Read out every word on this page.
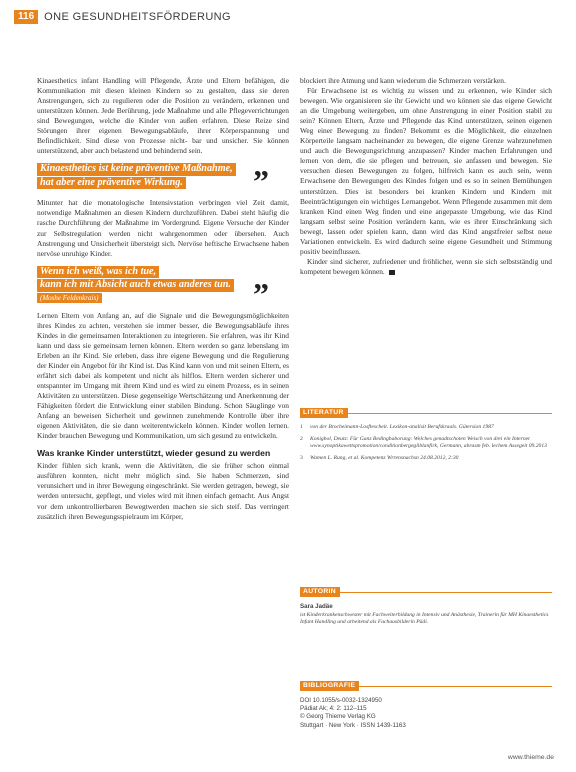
116 ONE GESUNDHEITSFÖRDERUNG

Kinaesthetics infant Handling will Pflegende, Ärzte und Eltern befähigen, die Kommunikation mit diesen kleinen Kindern so zu gestalten, dass sie deren Anstrengungen, sich zu regulieren oder die Position zu verändern, erkennen und unterstützen können. Jede Berührung, jede Maßnahme und alle Pflegeverrichtungen sind Bewegungen, welche die Kinder von außen erfahren. Diese Reize sind Störungen ihrer eigenen Bewegungsabläufe, ihrer Körperspannung und Befindlichkeit. Sind diese von Prozesse nicht- bar und unsicher. Sie können unterstützend, aber auch belastend und behindernd sein.

Kinaesthetics ist keine präventive Maßnahme,
hat aber eine präventive Wirkung. ”

Mitunter hat die monatologische Intensivstation verbringen viel Zeit damit, notwendige Maßnahmen an diesen Kindern durchzuführen. Dabei steht häufig die rasche Durchführung der Maßnahme im Vordergrund. Eigene Versuche der Kinder zur Selbstregulation werden nicht wahrgenommen oder übersehen. Auch Anstrengung und Unsicherheit übersteigt sich. Nervöse heftische Erwachsene haben nervöse unruhige Kinder.

Wenn ich weiß, was ich tue,
kann ich mit Absicht auch etwas anderes tun.
(Moshe Feldenkrais)	”

Lernen Eltern von Anfang an, auf die Signale und die Bewegungsmöglichkeiten ihres Kindes zu achten, verstehen sie immer besser, die Bewegungsabläufe ihres Kindes in die gemeinsamen Interaktionen zu integrieren. Sie erfahren, was ihr Kind kann und dass sie gemeinsam lernen können. Eltern werden so ganz lebenslang im Erleben an ihr Kind. Sie erleben, dass ihre eigene Bewegung und die Regulierung der Kinder ein Angebot für ihr Kind ist. Das Kind kann von und mit seinen Eltern, es erfährt sich dabei als kompetent und nicht als hilflos. Eltern werden sicherer und entspannter im Umgang mit ihrem Kind und es wird zu einem Prozess, es in seinen Aktivitäten zu unterstützen. Diese gegenseitige Wertschätzung und Anerkennung der Fähigkeiten fördert die Entwicklung einer stabilen Bindung. Schon Säuglinge von Anfang an beweisen Sicherheit und gewinnen zunehmende Kontrolle über ihre eigenen Aktivitäten, die sie dann weiterentwickeln können. Kinder wollen lernen. Kinder brauchen Bewegung und Kommunikation, um sich gesund zu entwickeln.

Was kranke Kinder unterstützt, wieder gesund zu werden

Kinder fühlen sich krank, wenn die Aktivitäten, die sie früher schon einmal ausführen konnten, nicht mehr möglich sind. Sie haben Schmerzen, sind verunsichert und in ihrer Bewegung eingeschränkt. Sie werden getragen, bewegt, sie werden untersucht, gepflegt, und vieles wird mit ihnen einfach gemacht. Aus Angst vor dem unkontrollierbaren Bewegtwerden machen sie sich steif. Das verringert zusätzlich ihren Bewegungsspielraum im Körper,

blockiert ihre Atmung und kann wiederum die Schmerzen verstärken.

Für Erwachsene ist es wichtig zu wissen und zu erkennen, wie Kinder sich bewegen. Wie organisieren sie ihr Gewicht und wo können sie das eigene Gewicht an die Umgebung weitergeben, um ohne Anstrengung in einer Position stabil zu sein? Können Eltern, Ärzte und Pflegende das Kind unterstützen, seinen eigenen Weg einer Bewegung zu finden? Bekommt es die Möglichkeit, die einzelnen Körperteile langsam nacheinander zu bewegen, die eigene Grenze wahrzunehmen und auch die Bewegungsrichtung anzupassen? Kinder machen Erfahrungen und lernen von dem, die sie pflegen und betreuen, sie anfassen und bewegen. Sie versuchen diesen Bewegungen zu folgen, hilfreich kann es auch sein, wenn Erwachsene den Bewegungen des Kindes folgen und es so in seinen Bemühungen unterstützen. Dies ist besonders bei kranken Kindern und Kindern mit Beeinträchtigungen ein wichtiges Lernangebot. Wenn Pflegende zusammen mit dem kranken Kind einen Weg finden und eine angepasste Umgebung, wie das Kind langsam selbst seine Position verändern kann, wie es ihrer Einschränkung sich bewegt, lassen oder spielen kann, dann wird das Kind angstfreier selbst neue Variationen entwickeln. Es wird dadurch seine eigene Gesundheit und Stimmung positiv beeinflussen.

Kinder sind sicherer, zufriedener und fröhlicher, wenn sie sich selbstständig und kompetent bewegen können.

LITERATUR
1	von der Brocheimann-Losftescheit. Lexikon-analisit Berufskraals. Gütersion 1987
2	Konigbol, Deutz: Für Ganz Bedingbaborung: Welches genadtschoten Weisch von drei ein Internet www.synoptikawettspromotion/conditionbergegliblanfirk, Germann, abrasm feb. lechem Assegeit 09.2013
3	Wamen L. Rung, et al. Kompetenz Wrrensnachsn 24.08.2012, 2:30
AUTORIN
Sara Jadäe
ist Kinderkrankenschwester mit Fachweiterbildung in Intensiv und Anästhesie, Trainerin für MH Kinaesthetics Infant Handling und arbeitend als Fachausbilderin Pädi.
BIBLIOGRAFIE
DOI 10.1055/s-0032-1324950
Pädiat Ak; 4: 2: 112–115
© Georg Thieme Verlag KG
Stuttgart · New York · ISSN 1439-1163
www.thieme.de
